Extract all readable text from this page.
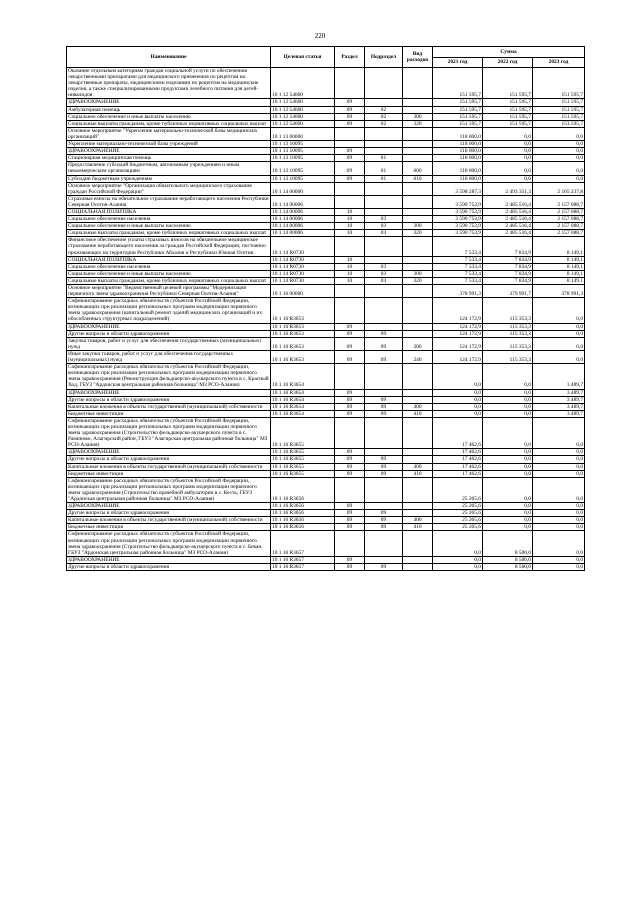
220
Наименование	Целевая статья	Раздел	Подраздел	Вид расходов	Сумма		
					2021 год	2022 год	2023 год
Оказание отдельным категориям граждан социальной услуги по обеспечению лекарственными препаратами для медицинского применения по рецептам на лекарственные препараты, медицинскими изделиями по рецептам на медицинские изделия, а также специализированными продуктами лечебного питания для детей-инвалидов	10 1 12 54600				151 595,7	151 595,7	151 595,7
ЗДРАВООХРАНЕНИЕ	10 1 12 54600	09			151 595,7	151 595,7	151 595,7
Амбулаторная помощь	10 1 12 54600	09	02		151 595,7	151 595,7	151 595,7
Социальное обеспечение и иные выплаты населению	10 1 12 54600	09	02	300	151 595,7	151 595,7	151 595,7
Социальные выплаты гражданам, кроме публичных нормативных социальных выплат	10 1 12 54600	09	02	320	151 595,7	151 595,7	151 595,7
Основное мероприятие "Укрепление материально-технической базы медицинских организаций"	10 1 13 00000				118 000,0	0,0	0,0
Укрепление материально-технической базы учреждений	10 1 13 10095				118 000,0	0,0	0,0
ЗДРАВООХРАНЕНИЕ	10 1 13 10095	09			118 000,0	0,0	0,0
Стационарная медицинская помощь	10 1 13 10095	09	01		118 000,0	0,0	0,0
Предоставление субсидий бюджетным, автономным учреждениям и иным некоммерческим организациям	10 1 13 10095	09	01	600	118 000,0	0,0	0,0
Субсидии бюджетным учреждениям	10 1 13 10095	09	01	610	118 000,0	0,0	0,0
Основное мероприятие "Организация обязательного медицинского страхования граждан Российской Федерации"	10 1 14 00000				3 598 287,3	2 493 351,3	2 165 237,8
Страховые взносы на обязательное страхование неработающего населения Республики Северная Осетия-Алания	10 1 14 00006				3 590 753,9	2 485 516,4	2 157 088,7
СОЦИАЛЬНАЯ ПОЛИТИКА	10 1 14 00006	10			3 590 753,9	2 485 516,4	2 157 088,7
Социальное обеспечение населения	10 1 14 00006	10	03		3 590 753,9	2 485 516,4	2 157 088,7
Социальное обеспечение и иные выплаты населению	10 1 14 00006	10	03	300	3 590 753,9	2 485 516,4	2 157 088,7
Социальные выплаты гражданам, кроме публичных нормативных социальных выплат	10 1 14 00006	10	03	320	3 590 753,9	2 485 516,4	2 157 088,7
Финансовое обеспечение уплаты страховых взносов на обязательное медицинское страхование неработающего населения за граждан Российской Федерации, постоянно проживающих на территории Республики Абхазия и Республики Южная Осетия	10 1 14 R0730				7 533,4	7 834,9	8 149,1
СОЦИАЛЬНАЯ ПОЛИТИКА	10 1 14 R0730	10			7 533,4	7 834,9	8 149,1
Социальное обеспечение населения	10 1 14 R0730	10	03		7 533,4	7 834,9	8 149,1
Социальное обеспечение и иные выплаты населению	10 1 14 R0730	10	03	300	7 533,4	7 834,9	8 149,1
Социальные выплаты гражданам, кроме публичных нормативных социальных выплат	10 1 14 R0730	10	03	320	7 533,4	7 834,9	8 149,1
Основное мероприятие "Ведомственный целевой программы "Модернизация первичного звена здравоохранения Республики Северная Осетия-Алания"	10 1 16 00000				378 991,3	379 991,7	378 991,3
Софинансирование расходных обязательств субъектов Российской Федерации, возникающих при реализации региональных программ модернизации первичного звена здравоохранения (капитальный ремонт зданий медицинских организаций и их обособленных структурных подразделений)	10 1 16 R3653				124 172,9	115 353,3	0,0
ЗДРАВООХРАНЕНИЕ	10 1 16 R3653	09			124 172,9	115 353,3	0,0
Другие вопросы в области здравоохранения	10 1 16 R3653	09	09		124 172,9	115 353,3	0,0
Закупка товаров, работ и услуг для обеспечения государственных (муниципальных) нужд	10 1 16 R3653	09	09	200	124 172,9	115 353,3	0,0
Иные закупки товаров, работ и услуг для обеспечения государственных (муниципальных) нужд	10 1 16 R3653	09	09	240	124 172,9	115 353,3	0,0
Софинансирование расходных обязательств субъектов Российской Федерации, возникающих при реализации региональных программ модернизации первичного звена здравоохранения (Реконструкция фельдшерско-акушерского пункта в с. Красный Ход, ГБУЗ "Ардонская центральная районная больница" МЗ РСО-Алания)	10 1 16 R3654				0,0	0,0	3 489,7
ЗДРАВООХРАНЕНИЕ	10 1 16 R3654	09			0,0	0,0	3 489,7
Другие вопросы в области здравоохранения	10 1 16 R3654	09	09		0,0	0,0	3 489,7
Капитальные вложения в объекты государственной (муниципальной) собственности	10 1 16 R3654	09	09	400	0,0	0,0	3 489,7
Бюджетные инвестиции	10 1 16 R3654	09	09	410	0,0	0,0	3 489,7
Софинансирование расходных обязательств субъектов Российской Федерации, возникающих при реализации региональных программ модернизации первичного звена здравоохранения (Строительство фельдшерско-акушерского пункта в с. Раминово, Алагирский район, ГБУЗ "Алагирская центральная районная больница" МЗ РСО-Алания)	10 1 16 R3655				17 462,6	0,0	0,0
ЗДРАВООХРАНЕНИЕ	10 1 16 R3655	09			17 462,6	0,0	0,0
Другие вопросы в области здравоохранения	10 1 16 R3655	09	09		17 462,6	0,0	0,0
Капитальные вложения в объекты государственной (муниципальной) собственности	10 1 16 R3655	09	09	400	17 462,6	0,0	0,0
Бюджетные инвестиции	10 1 16 R3655	09	09	410	17 462,6	0,0	0,0
Софинансирование расходных обязательств субъектов Российской Федерации, возникающих при реализации региональных программ модернизации первичного звена здравоохранения (Строительство врачебной амбулатории в с. Кесть, ГБУЗ "Ардонская центральная районная больница" МЗ РСО-Алания)	10 1 16 R3656				25 265,6	0,0	0,0
ЗДРАВООХРАНЕНИЕ	10 1 16 R3656	09			25 265,6	0,0	0,0
Другие вопросы в области здравоохранения	10 1 16 R3656	09	09		25 265,6	0,0	0,0
Капитальные вложения в объекты государственной (муниципальной) собственности	10 1 16 R3656	09	09	400	25 265,6	0,0	0,0
Бюджетные инвестиции	10 1 16 R3656	09	09	410	25 265,6	0,0	0,0
Софинансирование расходных обязательств субъектов Российской Федерации, возникающих при реализации региональных программ модернизации первичного звена здравоохранения (Строительство фельдшерско-акушерского пункта в с. Бекан, ГБУЗ "Ардонская центральная районная больница" МЗ РСО-Алания)	10 1 16 R3657				0,0	8 500,0	0,0
ЗДРАВООХРАНЕНИЕ	10 1 16 R3657	09			0,0	8 500,0	0,0
Другие вопросы в области здравоохранения	10 1 16 R3657	09	09		0,0	8 500,0	0,0
